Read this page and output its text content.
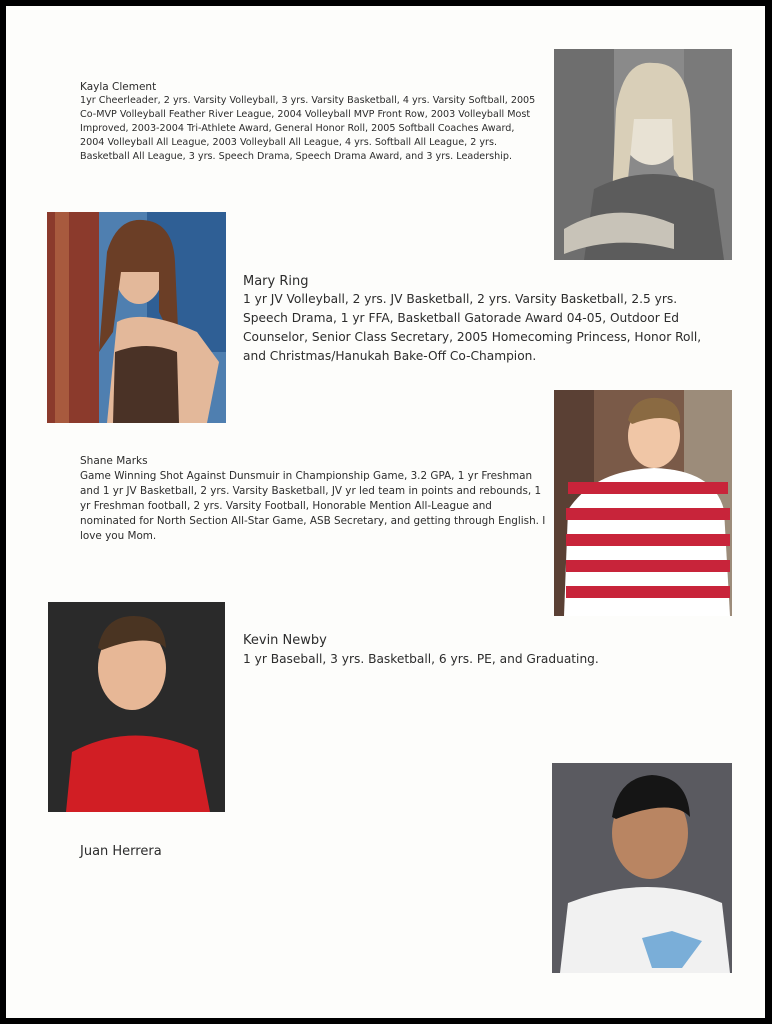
Kayla Clement

1yr Cheerleader, 2 yrs. Varsity Volleyball, 3 yrs. Varsity Basketball, 4 yrs. Varsity Softball, 2005 Co-MVP Volleyball Feather River League, 2004 Volleyball MVP Front Row, 2003 Volleyball Most Improved, 2003-2004 Tri-Athlete Award, General Honor Roll, 2005 Softball Coaches Award, 2004 Volleyball All League, 2003 Volleyball All League, 4 yrs. Softball All League, 2 yrs. Basketball All League, 3 yrs. Speech Drama, Speech Drama Award, and 3 yrs. Leadership.

Mary Ring

1 yr JV Volleyball, 2 yrs. JV Basketball, 2 yrs. Varsity Basketball, 2.5 yrs. Speech Drama, 1 yr FFA, Basketball Gatorade Award 04-05, Outdoor Ed Counselor, Senior Class Secretary, 2005 Homecoming Princess, Honor Roll, and Christmas/Hanukah Bake-Off Co-Champion.

Shane Marks

Game Winning Shot Against Dunsmuir in Championship Game, 3.2 GPA, 1 yr Freshman and 1 yr JV Basketball, 2 yrs. Varsity Basketball, JV yr led team in points and rebounds, 1 yr Freshman football, 2 yrs. Varsity Football, Honorable Mention All-League and nominated for North Section All-Star Game, ASB Secretary, and getting through English. I love you Mom.

Kevin Newby

1 yr Baseball, 3 yrs. Basketball, 6 yrs. PE, and Graduating.

Juan Herrera
